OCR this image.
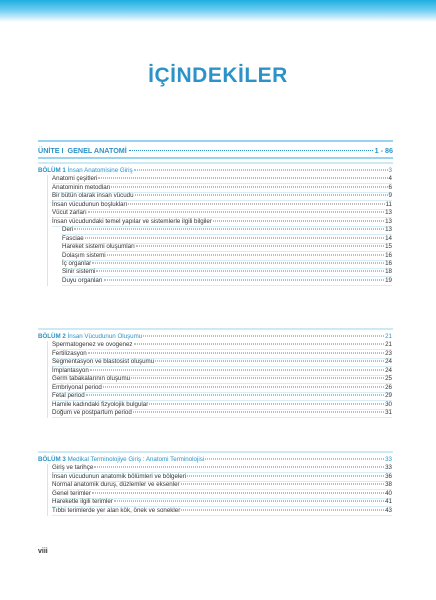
İÇİNDEKİLER
ÜNİTE I  GENEL ANATOMİ	1 - 86
BÖLÜM 1 İnsan Anatomisine Giriş	3
Anatomi çeşitleri	4
Anatominin metodları	6
Bir bütün olarak insan vücudu	9
İnsan vücudunun boşlukları	11
Vücut zarları	13
İnsan vücudundaki temel yapılar ve sistemlerle ilgili bilgiler	13
Deri	13
Fasciae	14
Hareket sistemi oluşumları	15
Dolaşım sistemi	16
İç organlar	16
Sinir sistemi	18
Duyu organları	19
BÖLÜM 2 İnsan Vücudunun Oluşumu	21
Spermatogenez ve ovogenez	21
Fertilizasyon	23
Segmentasyon ve blastosist oluşumu	24
İmplantasyon	24
Germ tabakalarının oluşumu	25
Embriyonal period	26
Fetal period	29
Hamile kadındaki fizyolojik bulgular	30
Doğum ve postpartum period	31
BÖLÜM 3 Medikal Terminolojiye Giriş : Anatomi Terminolojisi	33
Giriş ve tarihçe	33
İnsan vücudunun anatomik bölümleri ve bölgeleri	36
Normal anatomik duruş, düzlemler ve eksenler	38
Genel terimler	40
Hareketle ilgili terimler	41
Tıbbi terimlerde yer alan kök, önek ve sonekler	43
viii
